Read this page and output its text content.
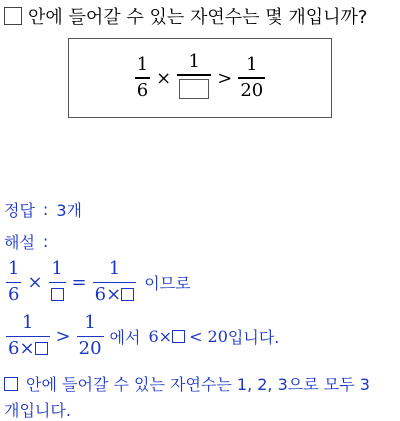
안에 들어갈 수 있는 자연수는 몇 개입니까?
$\frac{1}{6}$ ×
1
> $\frac{1}{20}$
정답 : 3개
해설 :
$\frac{1}{6}$ ×
1
= $\frac{1}{6\times}$ 이므로
$\frac{1}{6\times} > \frac{1}{20}$ 에서 6× < 20 입니다.
안에 들어갈 수 있는 자연수는 1, 2, 3으로 모두 3
개입니다.
